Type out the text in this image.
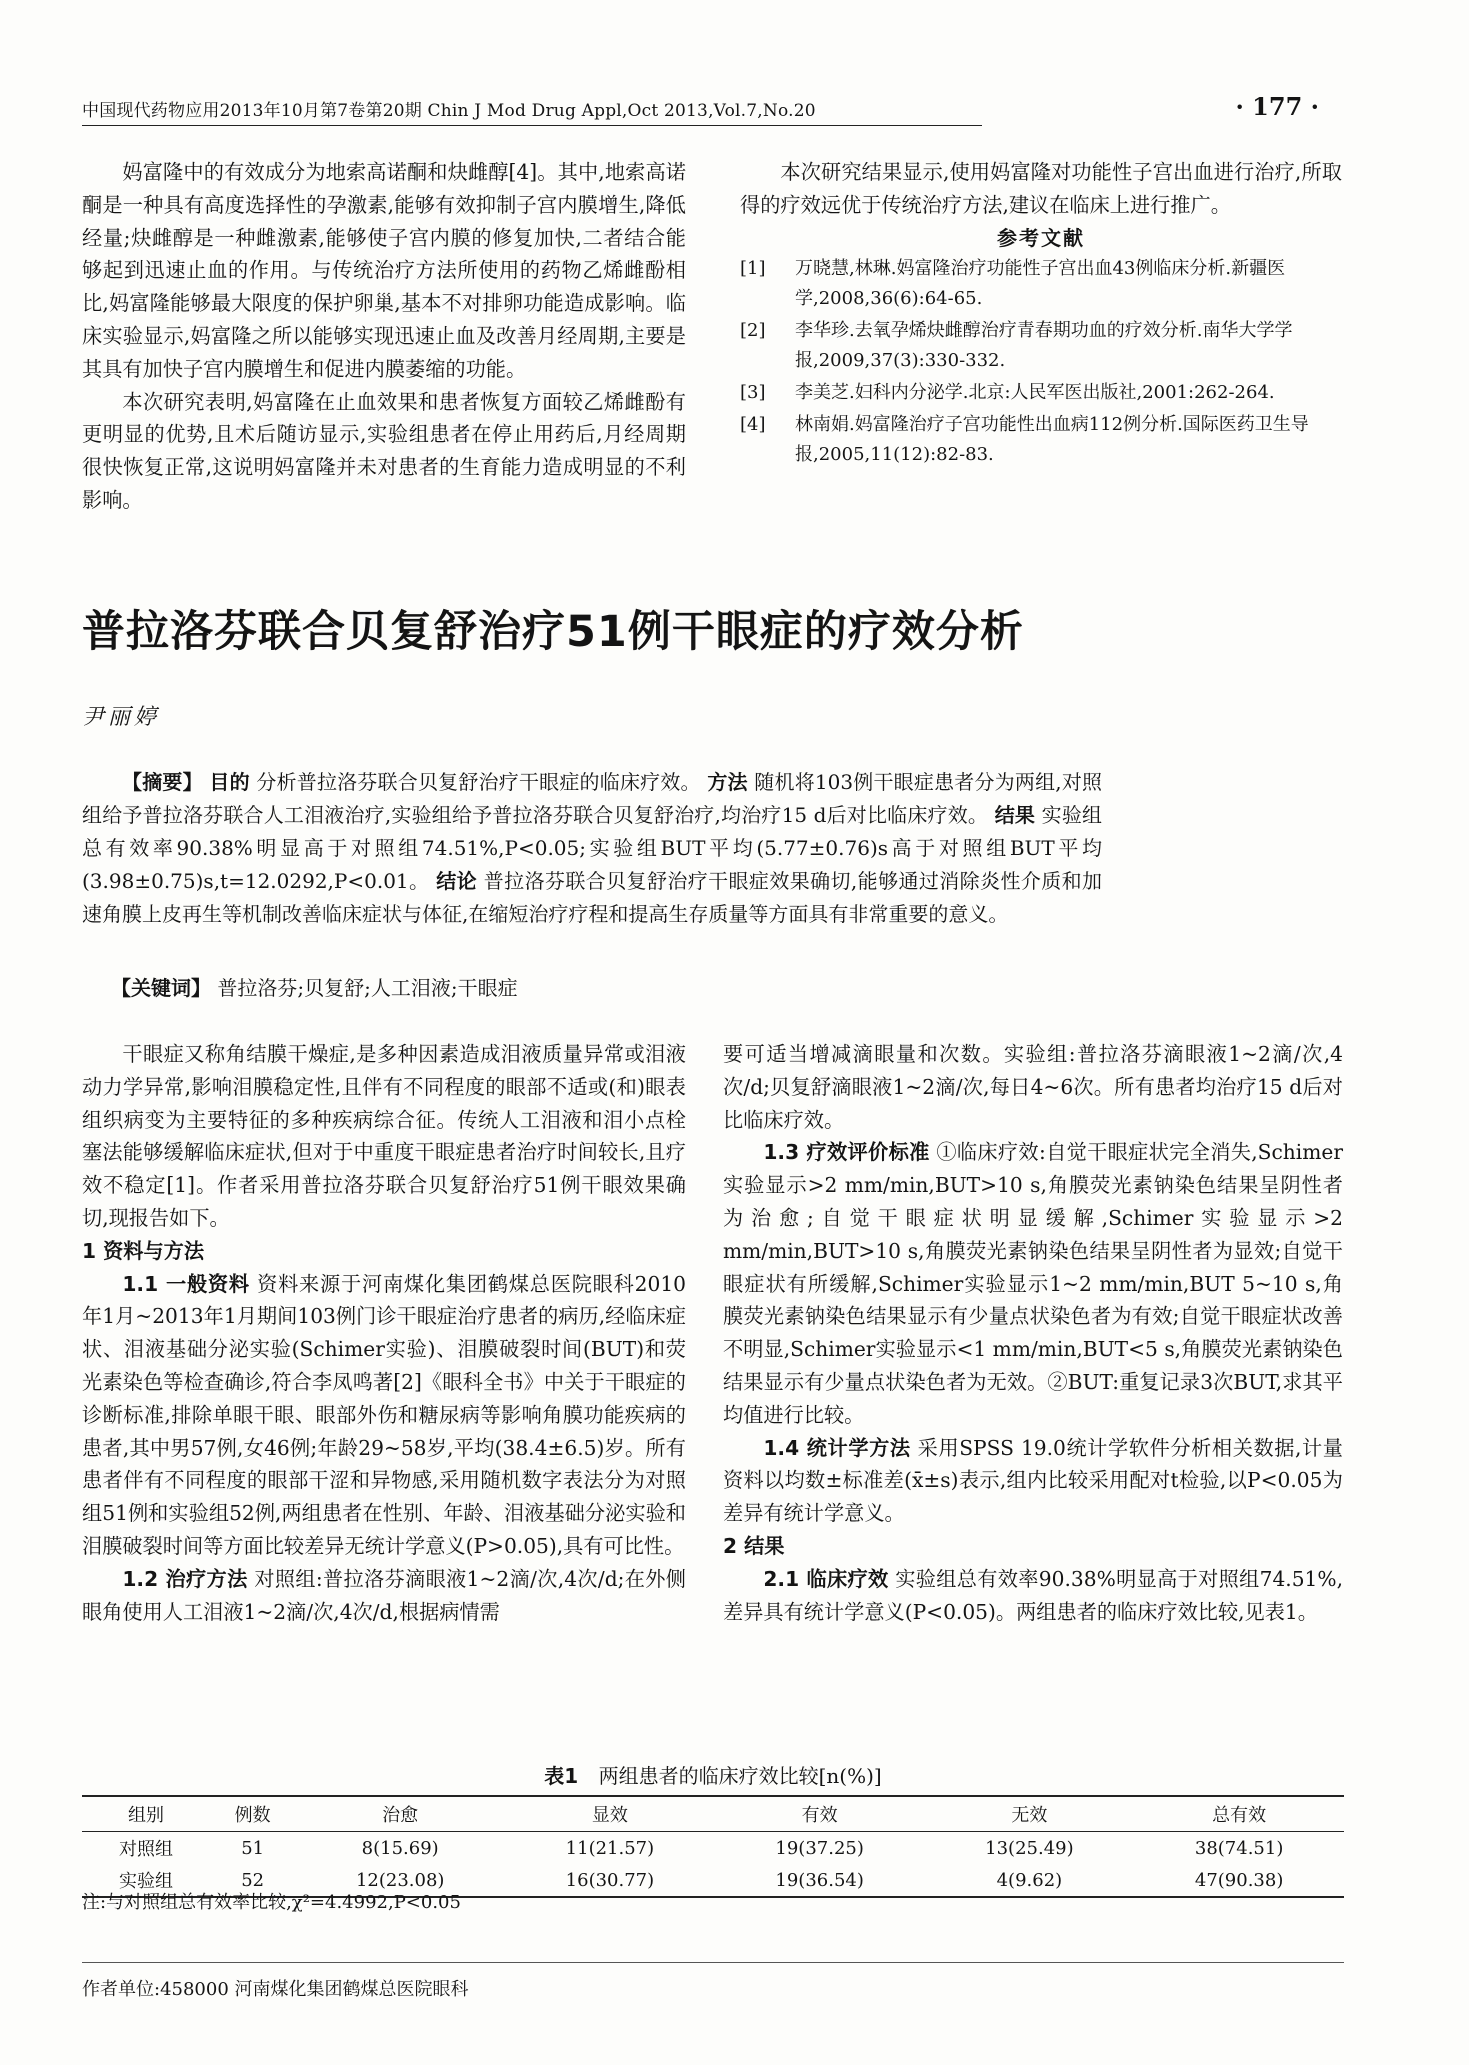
中国现代药物应用2013年10月第7卷第20期 Chin J Mod Drug Appl,Oct 2013,Vol.7,No.20	· 177 ·

妈富隆中的有效成分为地索高诺酮和炔雌醇[4]。其中,地索高诺酮是一种具有高度选择性的孕激素,能够有效抑制子宫内膜增生,降低经量;炔雌醇是一种雌激素,能够使子宫内膜的修复加快,二者结合能够起到迅速止血的作用。与传统治疗方法所使用的药物乙烯雌酚相比,妈富隆能够最大限度的保护卵巢,基本不对排卵功能造成影响。临床实验显示,妈富隆之所以能够实现迅速止血及改善月经周期,主要是其具有加快子宫内膜增生和促进内膜萎缩的功能。

本次研究表明,妈富隆在止血效果和患者恢复方面较乙烯雌酚有更明显的优势,且术后随访显示,实验组患者在停止用药后,月经周期很快恢复正常,这说明妈富隆并未对患者的生育能力造成明显的不利影响。

本次研究结果显示,使用妈富隆对功能性子宫出血进行治疗,所取得的疗效远优于传统治疗方法,建议在临床上进行推广。

参考文献

[1]	万晓慧,林琳.妈富隆治疗功能性子宫出血43例临床分析.新疆医学,2008,36(6):64-65.
[2]	李华珍.去氧孕烯炔雌醇治疗青春期功血的疗效分析.南华大学学报,2009,37(3):330-332.
[3]	李美芝.妇科内分泌学.北京:人民军医出版社,2001:262-264.
[4]	林南娟.妈富隆治疗子宫功能性出血病112例分析.国际医药卫生导报,2005,11(12):82-83.
普拉洛芬联合贝复舒治疗51例干眼症的疗效分析
尹丽婷

【摘要】 目的 分析普拉洛芬联合贝复舒治疗干眼症的临床疗效。 方法 随机将103例干眼症患者分为两组,对照组给予普拉洛芬联合人工泪液治疗,实验组给予普拉洛芬联合贝复舒治疗,均治疗15 d后对比临床疗效。 结果 实验组总有效率90.38%明显高于对照组74.51%,P<0.05;实验组BUT平均(5.77±0.76)s高于对照组BUT平均(3.98±0.75)s,t=12.0292,P<0.01。 结论 普拉洛芬联合贝复舒治疗干眼症效果确切,能够通过消除炎性介质和加速角膜上皮再生等机制改善临床症状与体征,在缩短治疗疗程和提高生存质量等方面具有非常重要的意义。

【关键词】 普拉洛芬;贝复舒;人工泪液;干眼症

干眼症又称角结膜干燥症,是多种因素造成泪液质量异常或泪液动力学异常,影响泪膜稳定性,且伴有不同程度的眼部不适或(和)眼表组织病变为主要特征的多种疾病综合征。传统人工泪液和泪小点栓塞法能够缓解临床症状,但对于中重度干眼症患者治疗时间较长,且疗效不稳定[1]。作者采用普拉洛芬联合贝复舒治疗51例干眼效果确切,现报告如下。

1 资料与方法

1.1 一般资料 资料来源于河南煤化集团鹤煤总医院眼科2010年1月~2013年1月期间103例门诊干眼症治疗患者的病历,经临床症状、泪液基础分泌实验(Schimer实验)、泪膜破裂时间(BUT)和荧光素染色等检查确诊,符合李凤鸣著[2]《眼科全书》中关于干眼症的诊断标准,排除单眼干眼、眼部外伤和糖尿病等影响角膜功能疾病的患者,其中男57例,女46例;年龄29~58岁,平均(38.4±6.5)岁。所有患者伴有不同程度的眼部干涩和异物感,采用随机数字表法分为对照组51例和实验组52例,两组患者在性别、年龄、泪液基础分泌实验和泪膜破裂时间等方面比较差异无统计学意义(P>0.05),具有可比性。

1.2 治疗方法 对照组:普拉洛芬滴眼液1~2滴/次,4次/d;在外侧眼角使用人工泪液1~2滴/次,4次/d,根据病情需

要可适当增减滴眼量和次数。实验组:普拉洛芬滴眼液1~2滴/次,4次/d;贝复舒滴眼液1~2滴/次,每日4~6次。所有患者均治疗15 d后对比临床疗效。

1.3 疗效评价标准 ①临床疗效:自觉干眼症状完全消失,Schimer实验显示>2 mm/min,BUT>10 s,角膜荧光素钠染色结果呈阴性者为治愈;自觉干眼症状明显缓解,Schimer实验显示>2 mm/min,BUT>10 s,角膜荧光素钠染色结果呈阴性者为显效;自觉干眼症状有所缓解,Schimer实验显示1~2 mm/min,BUT 5~10 s,角膜荧光素钠染色结果显示有少量点状染色者为有效;自觉干眼症状改善不明显,Schimer实验显示<1 mm/min,BUT<5 s,角膜荧光素钠染色结果显示有少量点状染色者为无效。②BUT:重复记录3次BUT,求其平均值进行比较。

1.4 统计学方法 采用SPSS 19.0统计学软件分析相关数据,计量资料以均数±标准差(x̄±s)表示,组内比较采用配对t检验,以P<0.05为差异有统计学意义。

2 结果

2.1 临床疗效 实验组总有效率90.38%明显高于对照组74.51%,差异具有统计学意义(P<0.05)。两组患者的临床疗效比较,见表1。

表1 两组患者的临床疗效比较[n(%)]
组别	例数	治愈	显效	有效	无效	总有效
对照组	51	8(15.69)	11(21.57)	19(37.25)	13(25.49)	38(74.51)
实验组	52	12(23.08)	16(30.77)	19(36.54)	4(9.62)	47(90.38)
注:与对照组总有效率比较,χ²=4.4992,P<0.05
作者单位:458000 河南煤化集团鹤煤总医院眼科
